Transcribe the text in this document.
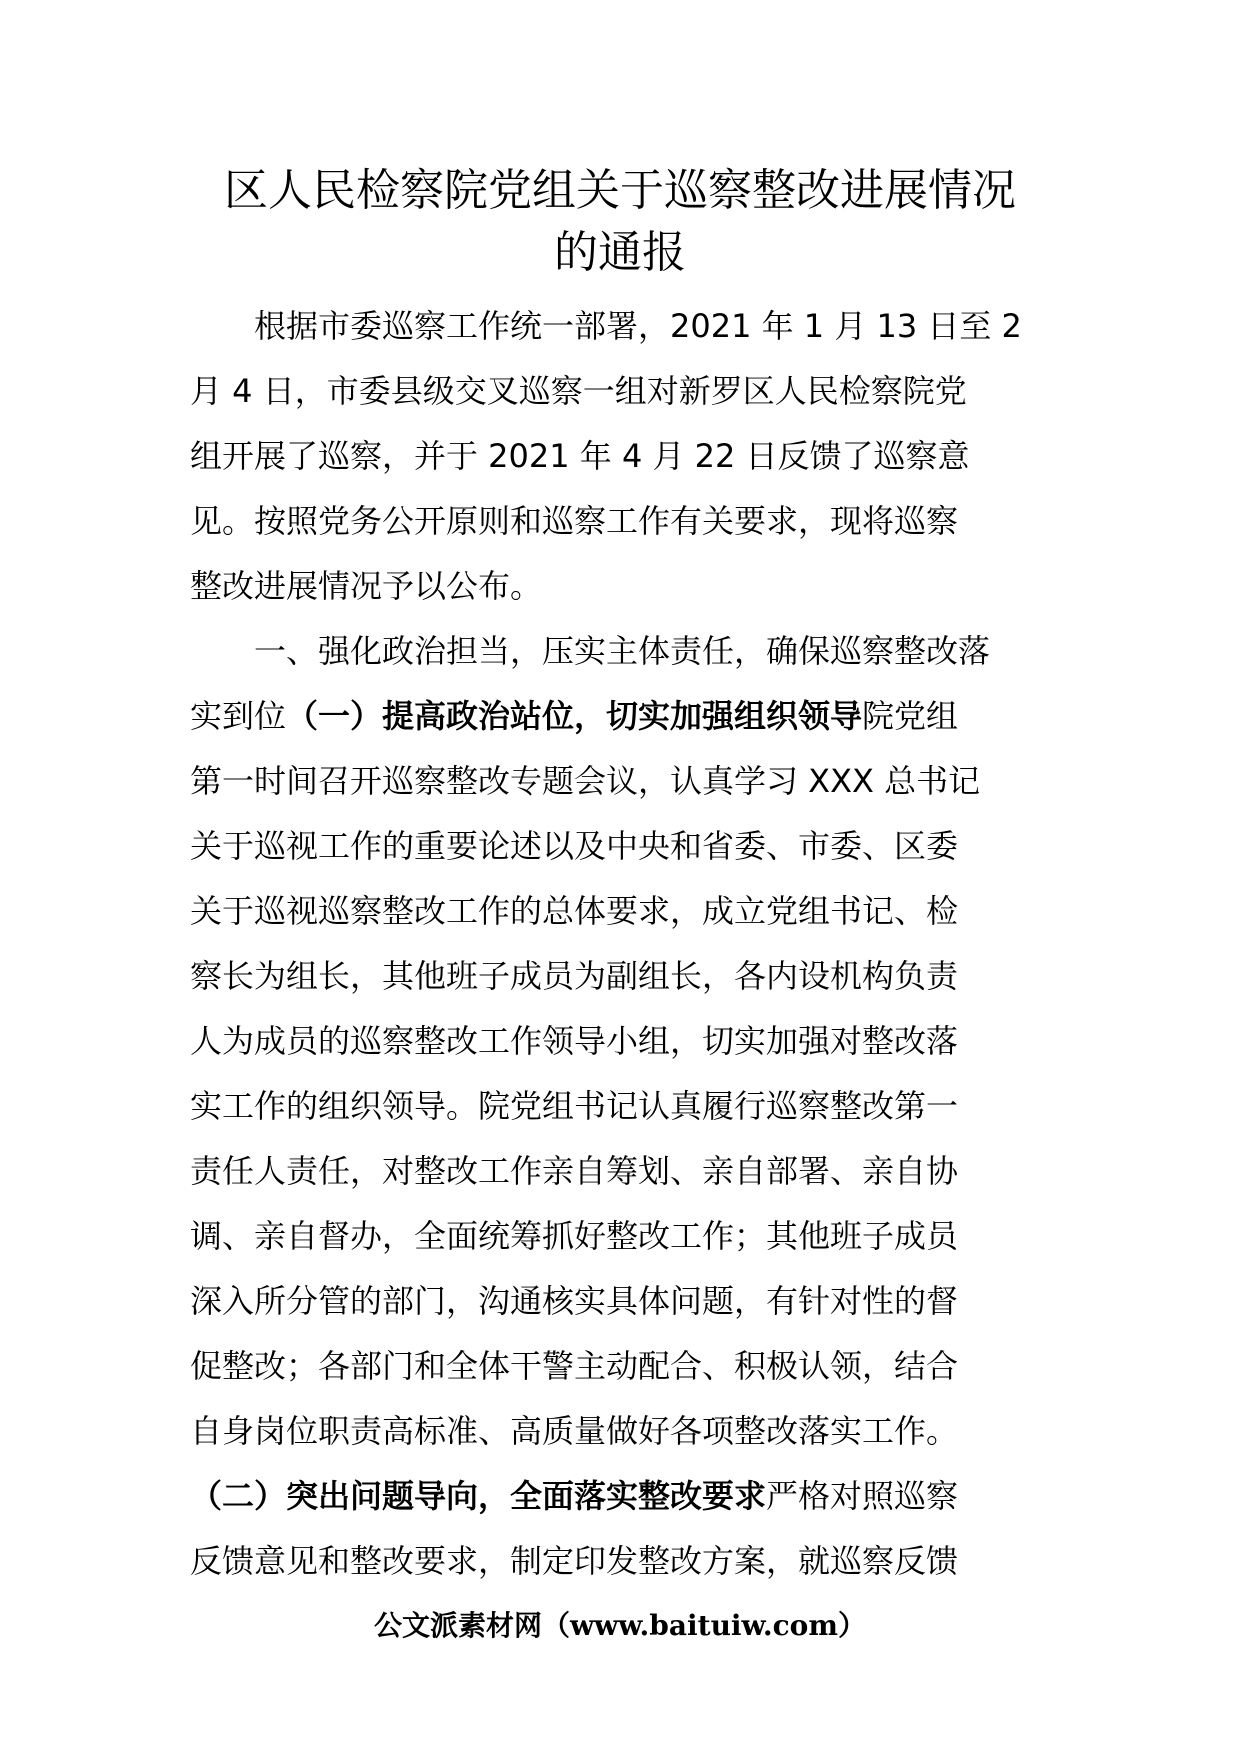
区人民检察院党组关于巡察整改进展情况
的通报
根据市委巡察工作统一部署，2021 年 1 月 13 日至 2
月 4 日，市委县级交叉巡察一组对新罗区人民检察院党
组开展了巡察，并于 2021 年 4 月 22 日反馈了巡察意
见。按照党务公开原则和巡察工作有关要求，现将巡察
整改进展情况予以公布。
一、强化政治担当，压实主体责任，确保巡察整改落
实到位（一）提高政治站位，切实加强组织领导院党组
第一时间召开巡察整改专题会议，认真学习 XXX 总书记
关于巡视工作的重要论述以及中央和省委、市委、区委
关于巡视巡察整改工作的总体要求，成立党组书记、检
察长为组长，其他班子成员为副组长，各内设机构负责
人为成员的巡察整改工作领导小组，切实加强对整改落
实工作的组织领导。院党组书记认真履行巡察整改第一
责任人责任，对整改工作亲自筹划、亲自部署、亲自协
调、亲自督办，全面统筹抓好整改工作；其他班子成员
深入所分管的部门，沟通核实具体问题，有针对性的督
促整改；各部门和全体干警主动配合、积极认领，结合
自身岗位职责高标准、高质量做好各项整改落实工作。
（二）突出问题导向，全面落实整改要求严格对照巡察
反馈意见和整改要求，制定印发整改方案，就巡察反馈
公文派素材网（www.baituiw.com）
